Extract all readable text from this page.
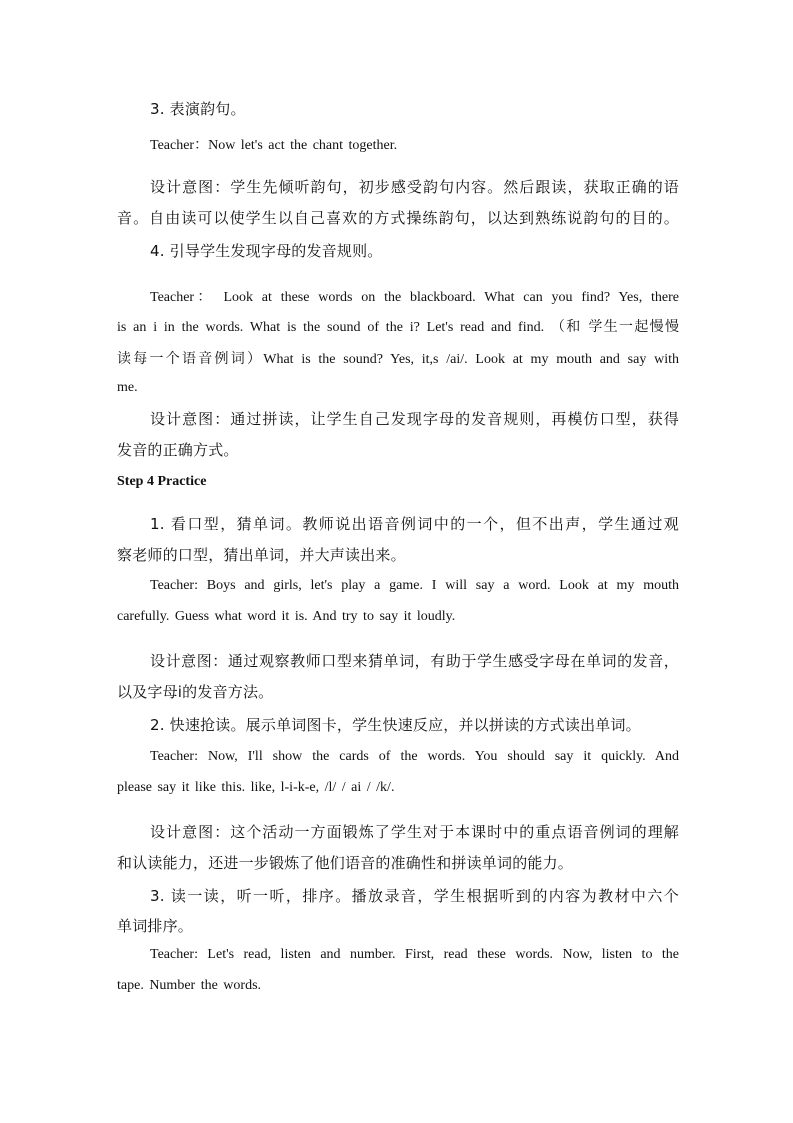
3. 表演韵句。
Teacher：Now let's act the chant together.
设计意图：学生先倾听韵句，初步感受韵句内容。然后跟读，获取正确的语
音。自由读可以使学生以自己喜欢的方式操练韵句，以达到熟练说韵句的目的。
4. 引导学生发现字母的发音规则。
Teacher： Look at these words on the blackboard. What can you find? Yes, there
is an i in the words. What is the sound of the i? Let's read and find. （和 学生一起慢慢
读每一个语音例词）What is the sound? Yes, it,s /ai/. Look at my mouth and say with
me.
设计意图：通过拼读，让学生自己发现字母的发音规则，再模仿口型，获得
发音的正确方式。
Step 4 Practice
1. 看口型，猜单词。教师说出语音例词中的一个，但不出声，学生通过观
察老师的口型，猜出单词，并大声读出来。
Teacher: Boys and girls, let's play a game. I will say a word. Look at my mouth
carefully. Guess what word it is. And try to say it loudly.
设计意图：通过观察教师口型来猜单词，有助于学生感受字母在单词的发音，
以及字母i的发音方法。
2. 快速抢读。展示单词图卡，学生快速反应，并以拼读的方式读出单词。
Teacher: Now, I'll show the cards of the words. You should say it quickly. And
please say it like this. like, l-i-k-e, /l/ / ai / /k/.
设计意图：这个活动一方面锻炼了学生对于本课时中的重点语音例词的理解
和认读能力，还进一步锻炼了他们语音的准确性和拼读单词的能力。
3. 读一读，听一听，排序。播放录音，学生根据听到的内容为教材中六个
单词排序。
Teacher: Let's read, listen and number. First, read these words. Now, listen to the
tape. Number the words.
